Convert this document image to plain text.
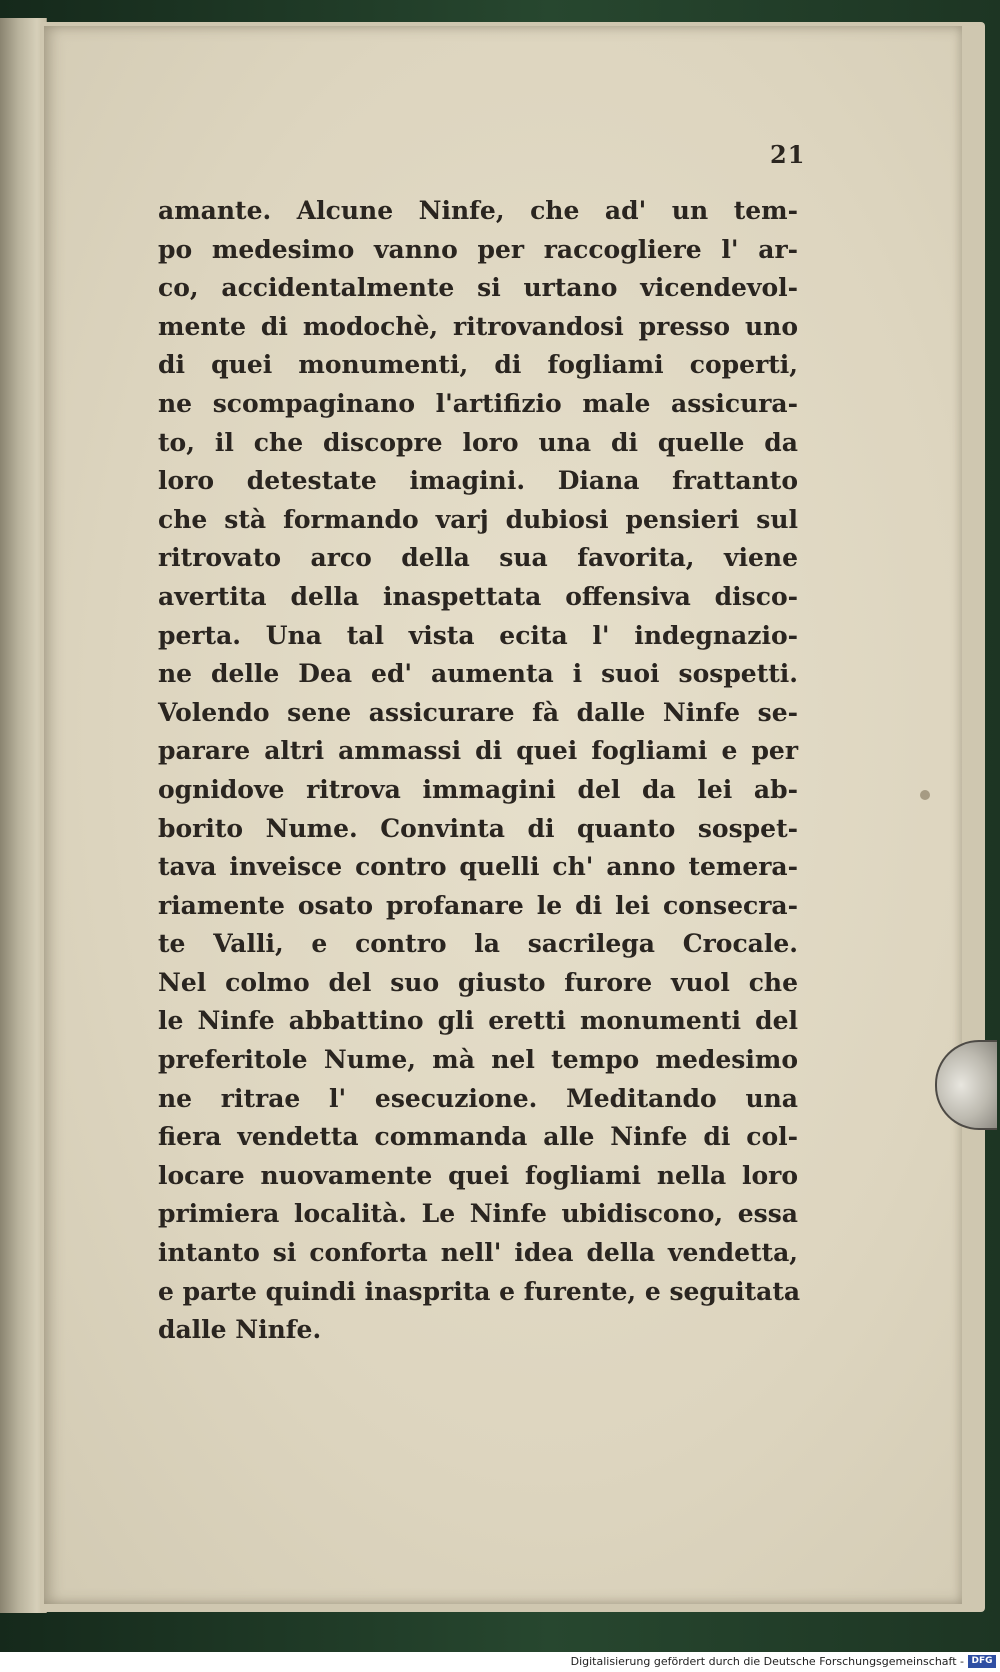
21
amante. Alcune Ninfe, che ad' un tem-
po medesimo vanno per raccogliere l' ar-
co, accidentalmente si urtano vicendevol-
mente di modochè, ritrovandosi presso uno
di quei monumenti, di fogliami coperti,
ne scompaginano l'artifizio male assicura-
to, il che discopre loro una di quelle da
loro detestate imagini. Diana frattanto
che stà formando varj dubiosi pensieri sul
ritrovato arco della sua favorita, viene
avertita della inaspettata offensiva disco-
perta. Una tal vista ecita l' indegnazio-
ne delle Dea ed' aumenta i suoi sospetti.
Volendo sene assicurare fà dalle Ninfe se-
parare altri ammassi di quei fogliami e per
ognidove ritrova immagini del da lei ab-
borito Nume. Convinta di quanto sospet-
tava inveisce contro quelli ch' anno temera-
riamente osato profanare le di lei consecra-
te Valli, e contro la sacrilega Crocale.
Nel colmo del suo giusto furore vuol che
le Ninfe abbattino gli eretti monumenti del
preferitole Nume, mà nel tempo medesimo
ne ritrae l' esecuzione. Meditando una
fiera vendetta commanda alle Ninfe di col-
locare nuovamente quei fogliami nella loro
primiera località. Le Ninfe ubidiscono, essa
intanto si conforta nell' idea della vendetta,
e parte quindi inasprita e furente, e seguitata
dalle Ninfe.
Digitalisierung gefördert durch die Deutsche Forschungsgemeinschaft - DFG
